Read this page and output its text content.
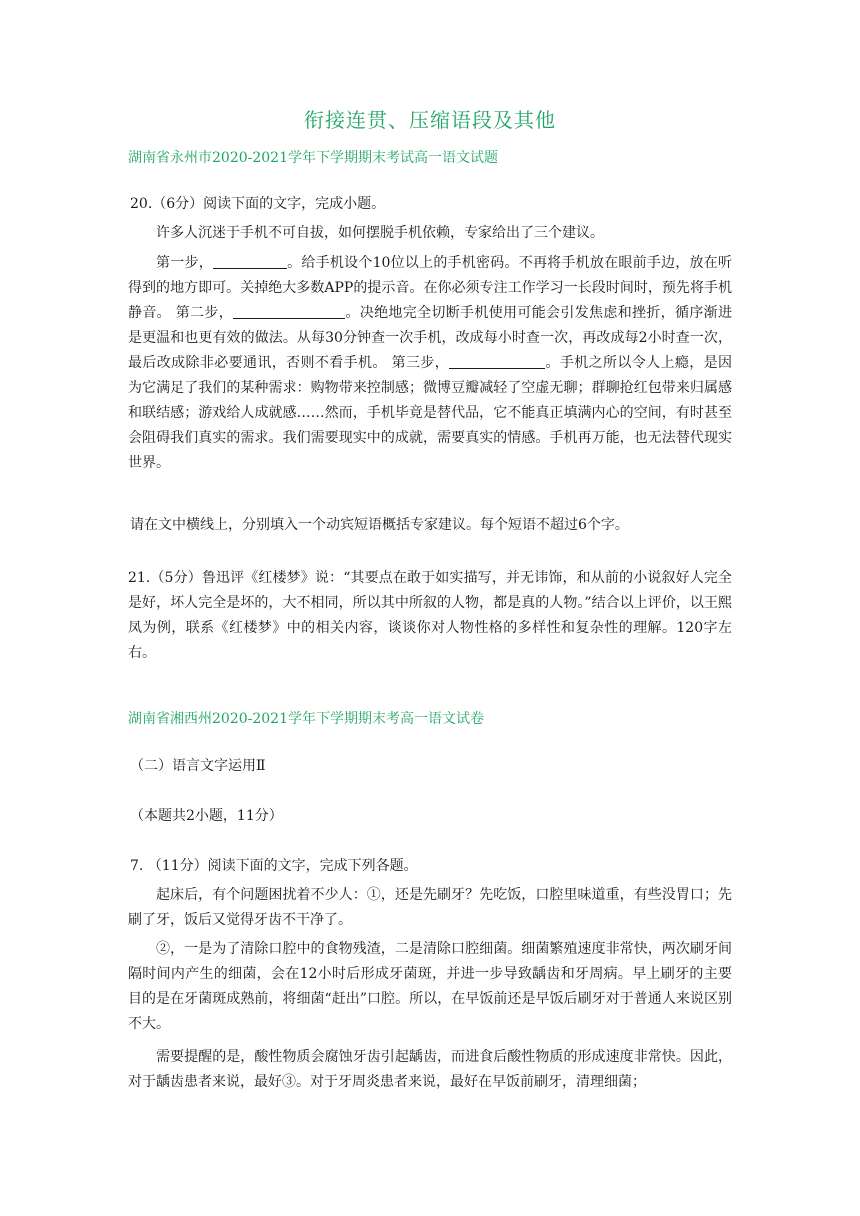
衔接连贯、压缩语段及其他
湖南省永州市2020-2021学年下学期期末考试高一语文试题

20.（6分）阅读下面的文字，完成小题。

许多人沉迷于手机不可自拔，如何摆脱手机依赖，专家给出了三个建议。

第一步，	。给手机设个10位以上的手机密码。不再将手机放在眼前手边，放在听得到的地方即可。关掉绝大多数APP的提示音。在你必须专注工作学习一长段时间时，预先将手机静音。 第二步，	。决绝地完全切断手机使用可能会引发焦虑和挫折，循序渐进是更温和也更有效的做法。从每30分钟查一次手机，改成每小时查一次，再改成每2小时查一次，最后改成除非必要通讯，否则不看手机。 第三步，	。手机之所以令人上瘾，是因为它满足了我们的某种需求：购物带来控制感；微博豆瓣减轻了空虚无聊；群聊抢红包带来归属感和联结感；游戏给人成就感……然而，手机毕竟是替代品，它不能真正填满内心的空间，有时甚至会阻碍我们真实的需求。我们需要现实中的成就，需要真实的情感。手机再万能，也无法替代现实世界。

请在文中横线上，分别填入一个动宾短语概括专家建议。每个短语不超过6个字。

21.（5分）鲁迅评《红楼梦》说：“其要点在敢于如实描写，并无讳饰，和从前的小说叙好人完全是好，坏人完全是坏的，大不相同，所以其中所叙的人物，都是真的人物。”结合以上评价，以王熙凤为例，联系《红楼梦》中的相关内容，谈谈你对人物性格的多样性和复杂性的理解。120字左右。

湖南省湘西州2020-2021学年下学期期末考高一语文试卷

（二）语言文字运用Ⅱ

（本题共2小题，11分）

7. （11分）阅读下面的文字，完成下列各题。

起床后，有个问题困扰着不少人：①，还是先刷牙？先吃饭，口腔里味道重，有些没胃口；先刷了牙，饭后又觉得牙齿不干净了。

②，一是为了清除口腔中的食物残渣，二是清除口腔细菌。细菌繁殖速度非常快，两次刷牙间隔时间内产生的细菌，会在12小时后形成牙菌斑，并进一步导致龋齿和牙周病。早上刷牙的主要目的是在牙菌斑成熟前，将细菌“赶出”口腔。所以，在早饭前还是早饭后刷牙对于普通人来说区别不大。

需要提醒的是，酸性物质会腐蚀牙齿引起龋齿，而进食后酸性物质的形成速度非常快。因此，对于龋齿患者来说，最好③。对于牙周炎患者来说，最好在早饭前刷牙，清理细菌；
